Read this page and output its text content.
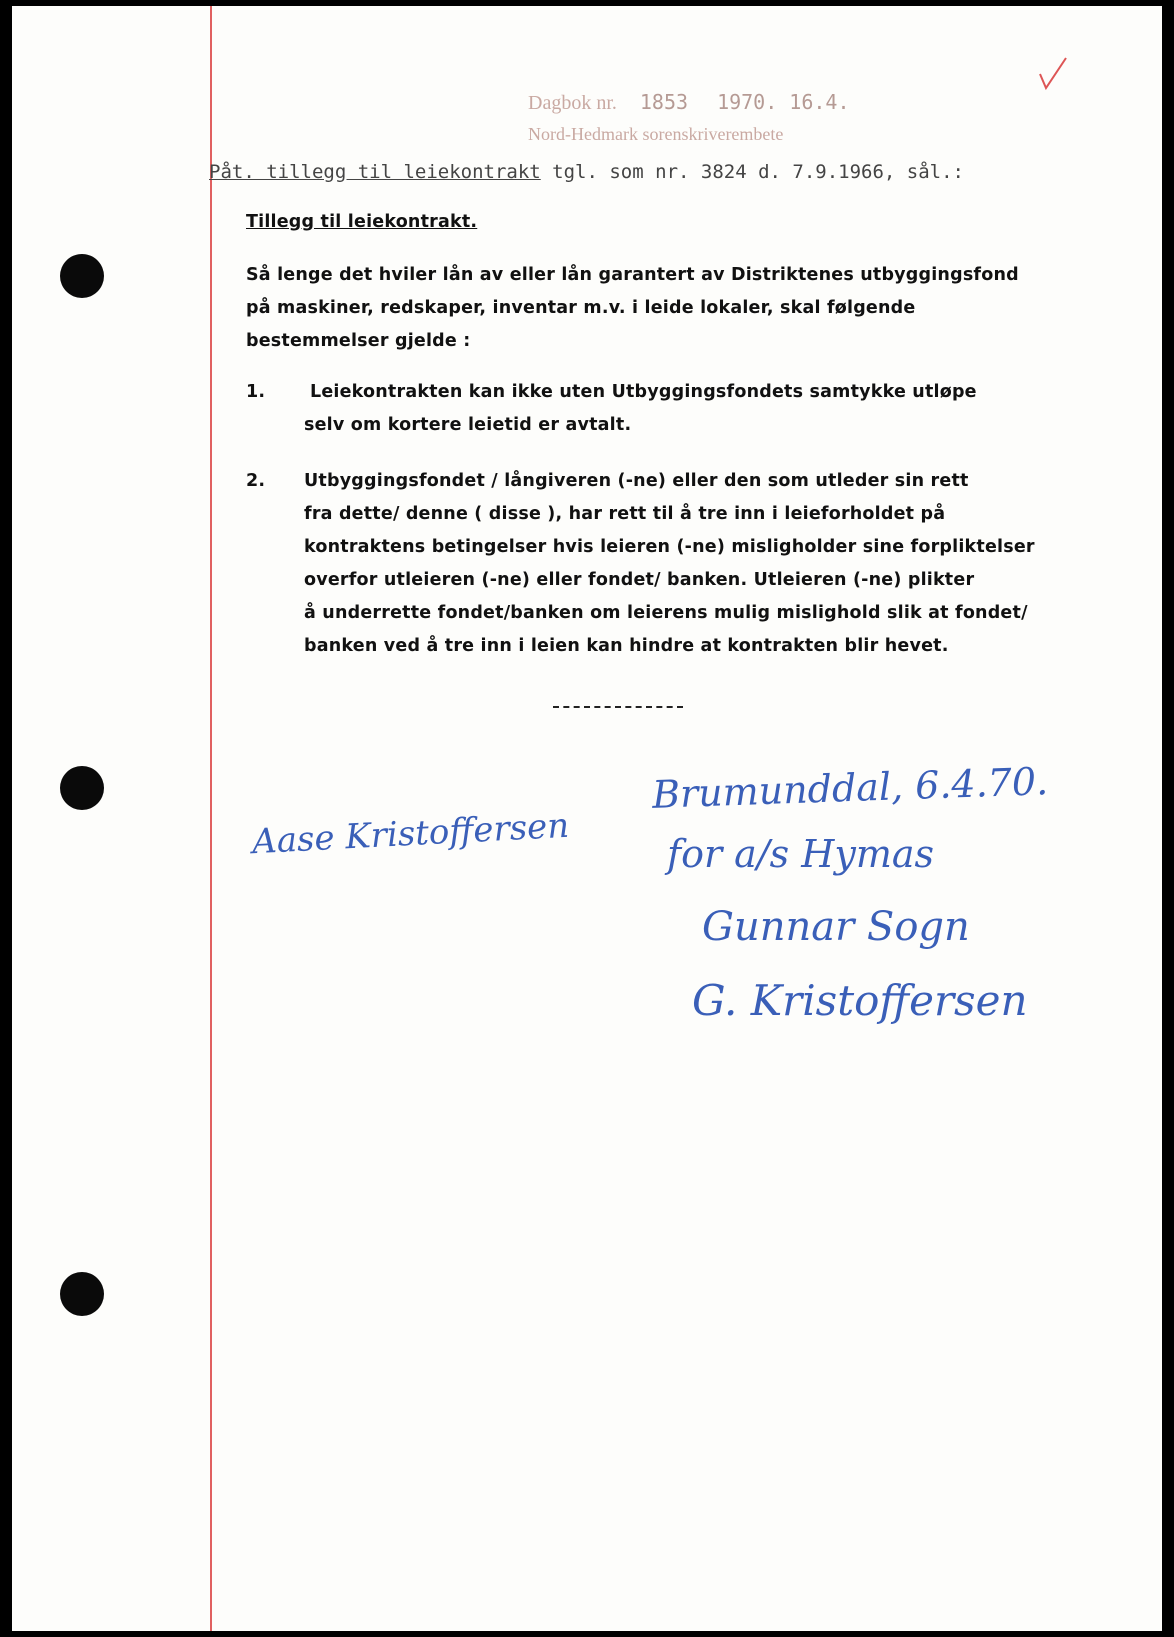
Dagbok nr. 1853 1970. 16.4.
Nord-Hedmark sorenskriverembete
Påt. tillegg til leiekontrakt tgl. som nr. 3824 d. 7.9.1966, sål.:
Tillegg til leiekontrakt.
Så lenge det hviler lån av eller lån garantert av Distriktenes utbyggingsfond
på maskiner, redskaper, inventar m.v. i leide lokaler, skal følgende
bestemmelser gjelde :
1.	Leiekontrakten kan ikke uten Utbyggingsfondets samtykke utløpe
selv om kortere leietid er avtalt.
2. Utbyggingsfondet / långiveren (-ne) eller den som utleder sin rett
fra dette/ denne ( disse ), har rett til å tre inn i leieforholdet på
kontraktens betingelser hvis leieren (-ne) misligholder sine forpliktelser
overfor utleieren (-ne) eller fondet/ banken. Utleieren (-ne) plikter
å underrette fondet/banken om leierens mulig mislighold slik at fondet/
banken ved å tre inn i leien kan hindre at kontrakten blir hevet.
Aase Kristoffersen
Brumunddal, 6.4.70.
for a/s Hymas
Gunnar Sogn
G. Kristoffersen
